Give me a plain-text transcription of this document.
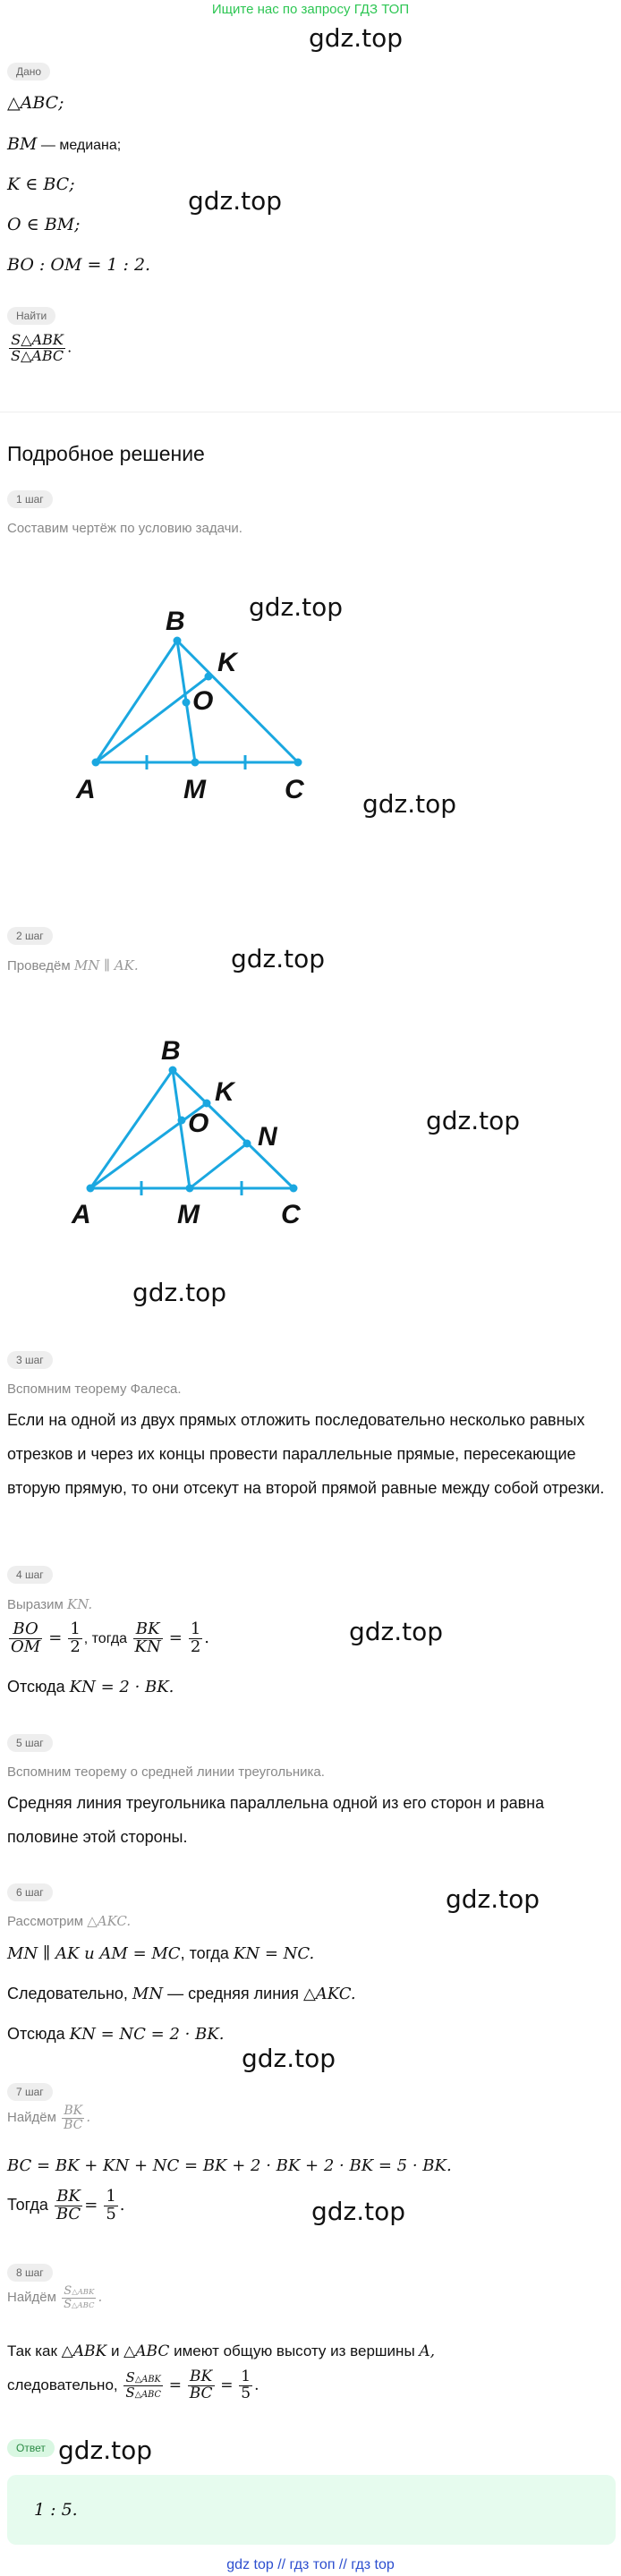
Ищите нас по запросу ГДЗ ТОП
gdz.top
gdz.top
gdz.top
gdz.top
gdz.top
gdz.top
gdz.top
gdz.top
gdz.top
gdz.top
gdz.top
gdz.top
Дано
△ABC;
BM — медиана;
K ∈ BC;
O ∈ BM;
BO : OM = 1 : 2.
Найти
$\frac{\text{S△ABK}}{\text{S△ABC}}$ .
Подробное решение
1 шаг
Составим чертёж по условию задачи.
B
K
O
A	M	C
2 шаг
Проведём MN ∥ AK.
B
K
O N
A	M	C
3 шаг
Вспомним теорему Фалеса.
Если на одной из двух прямых отложить последовательно несколько равных отрезков и через их концы провести параллельные прямые, пересекающие вторую прямую, то они отсекут на второй прямой равные между собой отрезки.
4 шаг
Выразим KN.
$\frac{BO}{OM} = \frac{1}{2}$ , тогда $\frac{BK}{KN} = \frac{1}{2}$ .
Отсюда KN = 2 · BK.
5 шаг
Вспомним теорему о средней линии треугольника.
Средняя линия треугольника параллельна одной из его сторон и равна половине этой стороны.
6 шаг
Рассмотрим △AKC.
MN ∥ AK и AM = MC, тогда KN = NC.
Следовательно, MN — средняя линия △AKC.
Отсюда KN = NC = 2 · BK.
7 шаг
Найдём $\frac{BK}{BC}$ .
BC = BK + KN + NC = BK + 2 · BK + 2 · BK = 5 · BK.
Тогда $\frac{BK}{BC} = \frac{1}{5}$ .
8 шаг
Найдём $\frac{\text{S△ABK}}{\text{S△ABC}}$ .
Так как △ABK и △ABC имеют общую высоту из вершины A,
следовательно, $\frac{\text{S△ABK}}{\text{S△ABC}} = \frac{BK}{BC} = \frac{1}{5}$ .
Ответ
1 : 5.
gdz top // гдз топ // гдз top
